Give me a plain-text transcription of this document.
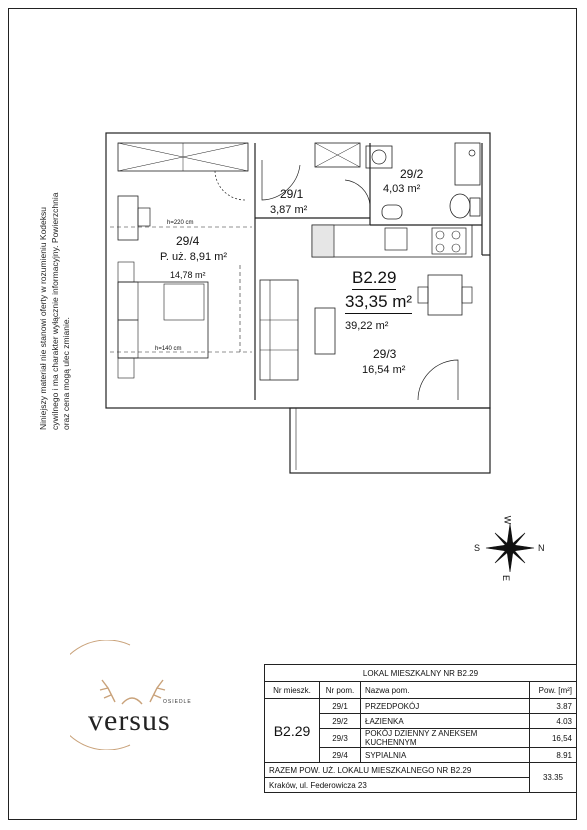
Niniejszy materiał nie stanowi oferty w rozumieniu Kodeksu cywilnego i ma charakter wyłącznie informacyjny. Powierzchnia oraz cena mogą ulec zmianie.
h=220 cm
29/4
P. uż. 8,91 m²
14,78 m²
h=140 cm
29/1
3,87 m²
29/2
4,03 m²
B2.29
33,35 m²
39,22 m²
29/3
16,54 m²
W
S	N
E
OSIEDLE
versus
LOKAL MIESZKALNY NR B2.29			
Nr mieszk.	Nr pom.	Nazwa pom.	Pow. [m²]
B2.29	29/1	PRZEDPOKÓJ	3.87
	29/2	ŁAZIENKA	4.03
	29/3	POKÓJ DZIENNY Z ANEKSEM KUCHENNYM	16,54
	29/4	SYPIALNIA	8.91
RAZEM POW. UŻ. LOKALU MIESZKALNEGO NR B2.29			33.35
Kraków, ul. Federowicza 23			
